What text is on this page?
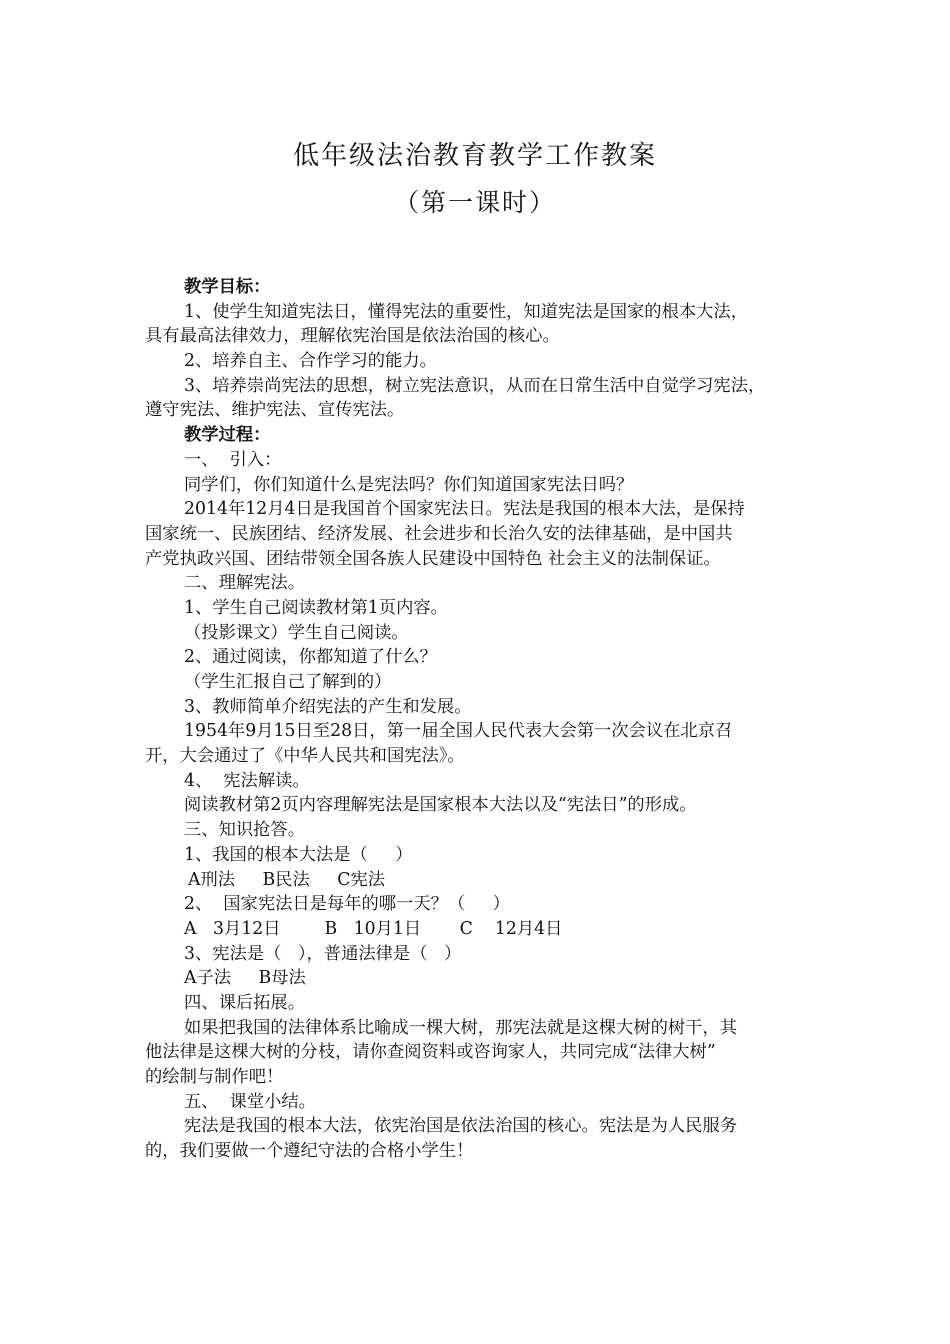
低年级法治教育教学工作教案
（第一课时）
教学目标：
1、使学生知道宪法日，懂得宪法的重要性，知道宪法是国家的根本大法，
具有最高法律效力，理解依宪治国是依法治国的核心。
2、培养自主、合作学习的能力。
3、培养崇尚宪法的思想，树立宪法意识，从而在日常生活中自觉学习宪法，
遵守宪法、维护宪法、宣传宪法。
教学过程：
一、  引入：
同学们，你们知道什么是宪法吗？你们知道国家宪法日吗？
2014年12月4日是我国首个国家宪法日。宪法是我国的根本大法，是保持
国家统一、民族团结、经济发展、社会进步和长治久安的法律基础，是中国共
产党执政兴国、团结带领全国各族人民建设中国特色 社会主义的法制保证。
二、理解宪法。
1、学生自己阅读教材第1页内容。
（投影课文）学生自己阅读。
2、通过阅读，你都知道了什么？
（学生汇报自己了解到的）
3、教师简单介绍宪法的产生和发展。
1954年9月15日至28日，第一届全国人民代表大会第一次会议在北京召
开，大会通过了《中华人民共和国宪法》。
4、  宪法解读。
阅读教材第2页内容理解宪法是国家根本大法以及“宪法日”的形成。
三、知识抢答。
1、我国的根本大法是（     ）
A刑法     B民法     C宪法
2、  国家宪法日是每年的哪一天？（     ）
A   3月12日        B   10月1日       C    12月4日
3、宪法是（   ），普通法律是（   ）
A子法     B母法
四、课后拓展。
如果把我国的法律体系比喻成一棵大树，那宪法就是这棵大树的树干，其
他法律是这棵大树的分枝，请你查阅资料或咨询家人，共同完成“法律大树”
的绘制与制作吧！
五、  课堂小结。
宪法是我国的根本大法，依宪治国是依法治国的核心。宪法是为人民服务
的，我们要做一个遵纪守法的合格小学生！
